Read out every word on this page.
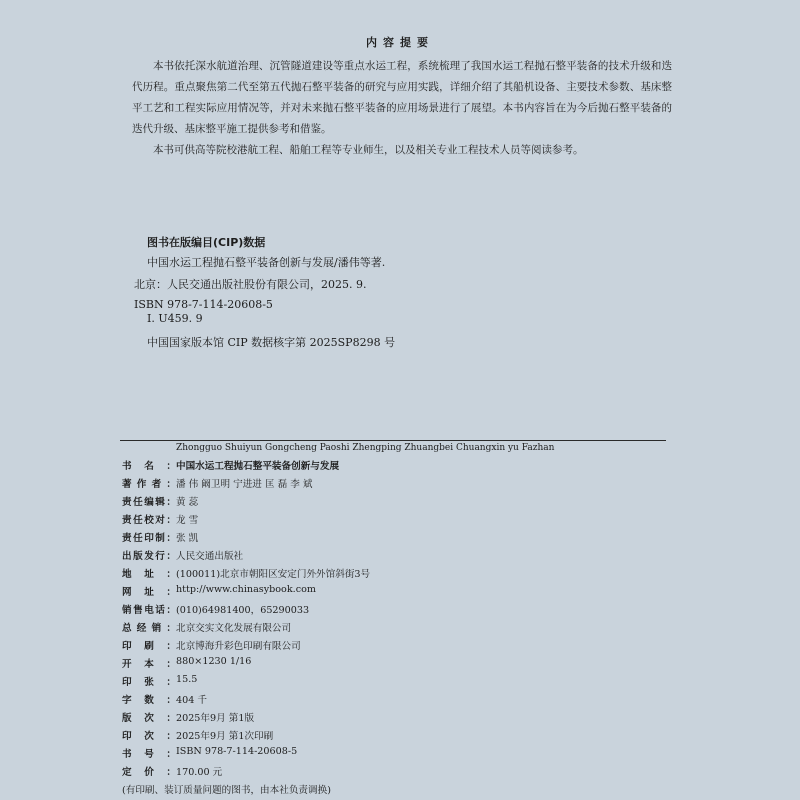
内容提要

本书依托深水航道治理、沉管隧道建设等重点水运工程，系统梳理了我国水运工程抛石整平装备的技术升级和迭代历程。重点聚焦第二代至第五代抛石整平装备的研究与应用实践，详细介绍了其船机设备、主要技术参数、基床整平工艺和工程实际应用情况等，并对未来抛石整平装备的应用场景进行了展望。本书内容旨在为今后抛石整平装备的迭代升级、基床整平施工提供参考和借鉴。

本书可供高等院校港航工程、船舶工程等专业师生，以及相关专业工程技术人员等阅读参考。

图书在版编目(CIP)数据
中国水运工程抛石整平装备创新与发展/潘伟等著.
北京：人民交通出版社股份有限公司，2025. 9.
ISBN 978-7-114-20608-5
Ⅰ. U459. 9
中国国家版本馆 CIP 数据核字第 2025SP8298 号
Zhongguo Shuiyun Gongcheng Paoshi Zhengping Zhuangbei Chuangxin yu Fazhan
书 名 ： 中国水运工程抛石整平装备创新与发展
著 作 者 ： 潘 伟 阚卫明 宁进进 匡 磊 李 斌
责 任 编 辑 ： 黄 蕊
责 任 校 对 ： 龙 雪
责 任 印 制 ： 张 凯
出 版 发 行 ： 人民交通出版社
地 址 ： (100011)北京市朝阳区安定门外外馆斜街3号
网 址 ： http://www.chinasybook.com
销 售 电 话 ： (010)64981400，65290033
总 经 销 ： 北京交实文化发展有限公司
印 刷 ： 北京博海升彩色印刷有限公司
开 本 ： 880×1230 1/16
印 张 ： 15.5
字 数 ： 404 千
版 次 ： 2025年9月 第1版
印 次 ： 2025年9月 第1次印刷
书 号 ： ISBN 978-7-114-20608-5
定 价 ： 170.00 元
(有印刷、装订质量问题的图书，由本社负责调换)
